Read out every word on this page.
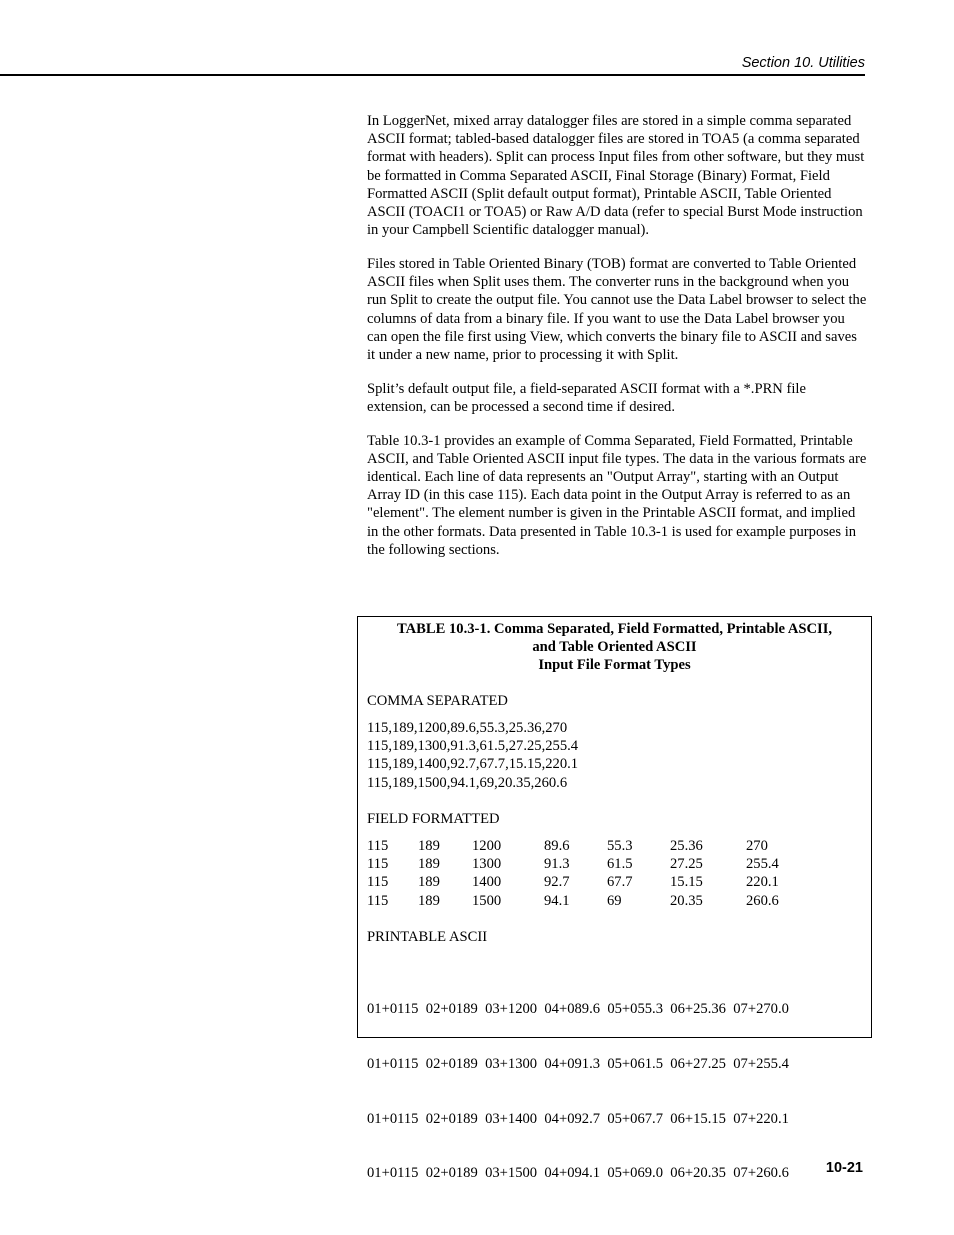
Section 10. Utilities

In LoggerNet, mixed array datalogger files are stored in a simple comma separated ASCII format; tabled-based datalogger files are stored in TOA5 (a comma separated format with headers). Split can process Input files from other software, but they must be formatted in Comma Separated ASCII, Final Storage (Binary) Format, Field Formatted ASCII (Split default output format), Printable ASCII, Table Oriented ASCII (TOACI1 or TOA5) or Raw A/D data (refer to special Burst Mode instruction in your Campbell Scientific datalogger manual).

Files stored in Table Oriented Binary (TOB) format are converted to Table Oriented ASCII files when Split uses them. The converter runs in the background when you run Split to create the output file. You cannot use the Data Label browser to select the columns of data from a binary file. If you want to use the Data Label browser you can open the file first using View, which converts the binary file to ASCII and saves it under a new name, prior to processing it with Split.

Split’s default output file, a field-separated ASCII format with a *.PRN file extension, can be processed a second time if desired.

Table 10.3-1 provides an example of Comma Separated, Field Formatted, Printable ASCII, and Table Oriented ASCII input file types. The data in the various formats are identical. Each line of data represents an "Output Array", starting with an Output Array ID (in this case 115). Each data point in the Output Array is referred to as an "element". The element number is given in the Printable ASCII format, and implied in the other formats. Data presented in Table 10.3-1 is used for example purposes in the following sections.

TABLE 10.3-1. Comma Separated, Field Formatted, Printable ASCII,
and Table Oriented ASCII
Input File Format Types
COMMA SEPARATED
115,189,1200,89.6,55.3,25.36,270
115,189,1300,91.3,61.5,27.25,255.4
115,189,1400,92.7,67.7,15.15,220.1
115,189,1500,94.1,69,20.35,260.6
FIELD FORMATTED
115 189 1200	89.6	55.3	25.36	270
115 189 1300	91.3	61.5	27.25	255.4
115 189 1400	92.7	67.7	15.15	220.1
115 189 1500	94.1	69	20.35	260.6
PRINTABLE ASCII

01+0115  02+0189  03+1200  04+089.6  05+055.3  06+25.36  07+270.0

01+0115  02+0189  03+1300  04+091.3  05+061.5  06+27.25  07+255.4

01+0115  02+0189  03+1400  04+092.7  05+067.7  06+15.15  07+220.1

01+0115  02+0189  03+1500  04+094.1  05+069.0  06+20.35  07+260.6

	10-21
